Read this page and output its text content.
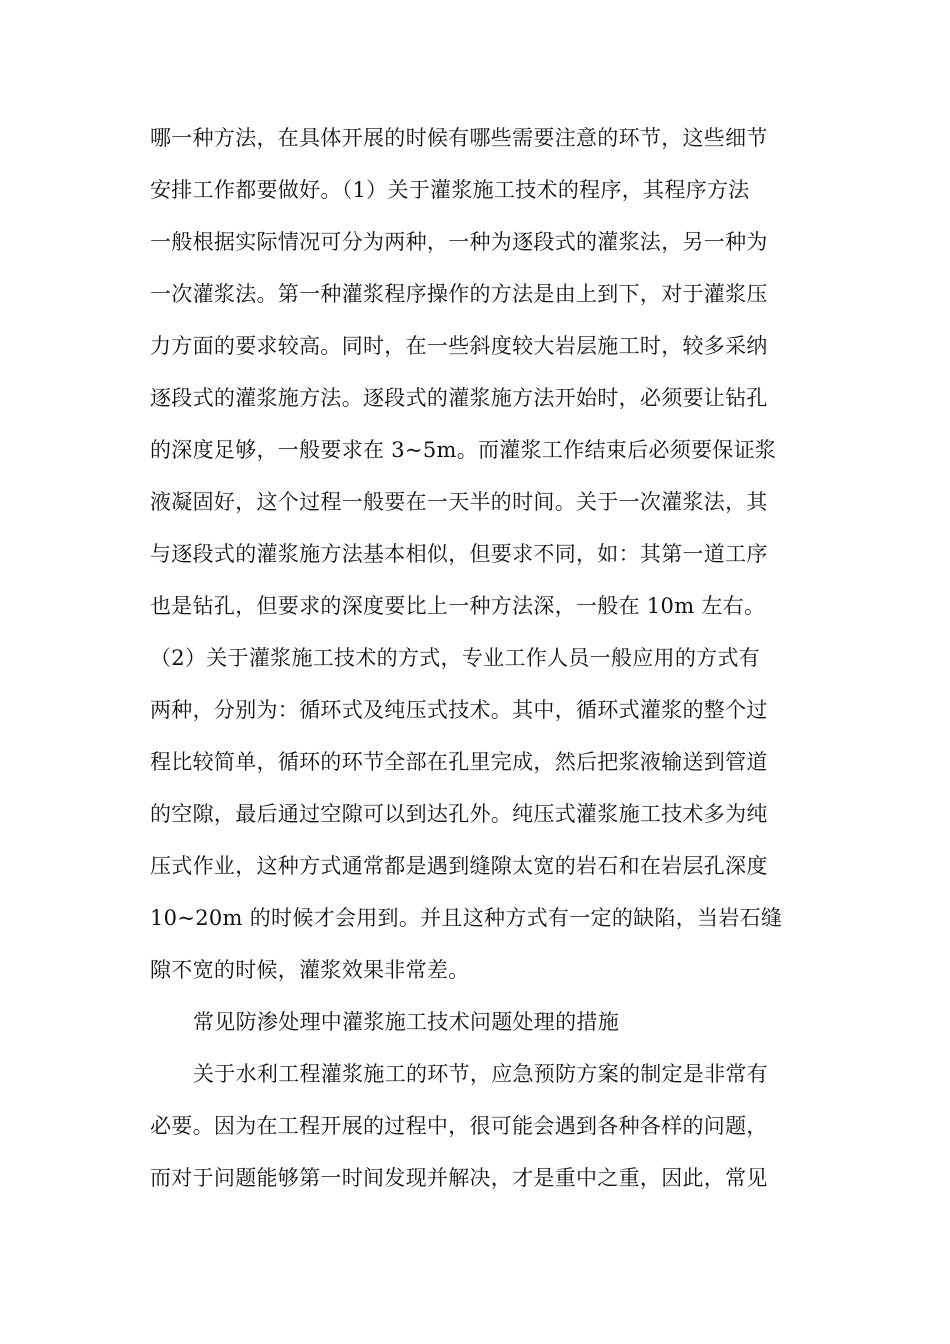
哪一种方法，在具体开展的时候有哪些需要注意的环节，这些细节
安排工作都要做好。（1）关于灌浆施工技术的程序，其程序方法
一般根据实际情况可分为两种，一种为逐段式的灌浆法，另一种为
一次灌浆法。第一种灌浆程序操作的方法是由上到下，对于灌浆压
力方面的要求较高。同时，在一些斜度较大岩层施工时，较多采纳
逐段式的灌浆施方法。逐段式的灌浆施方法开始时，必须要让钻孔
的深度足够，一般要求在 3~5m。而灌浆工作结束后必须要保证浆
液凝固好，这个过程一般要在一天半的时间。关于一次灌浆法，其
与逐段式的灌浆施方法基本相似，但要求不同，如：其第一道工序
也是钻孔，但要求的深度要比上一种方法深，一般在 10m 左右。
（2）关于灌浆施工技术的方式，专业工作人员一般应用的方式有
两种，分别为：循环式及纯压式技术。其中，循环式灌浆的整个过
程比较简单，循环的环节全部在孔里完成，然后把浆液输送到管道
的空隙，最后通过空隙可以到达孔外。纯压式灌浆施工技术多为纯
压式作业，这种方式通常都是遇到缝隙太宽的岩石和在岩层孔深度
10~20m 的时候才会用到。并且这种方式有一定的缺陷，当岩石缝
隙不宽的时候，灌浆效果非常差。
常见防渗处理中灌浆施工技术问题处理的措施
关于水利工程灌浆施工的环节，应急预防方案的制定是非常有
必要。因为在工程开展的过程中，很可能会遇到各种各样的问题，
而对于问题能够第一时间发现并解决，才是重中之重，因此，常见
